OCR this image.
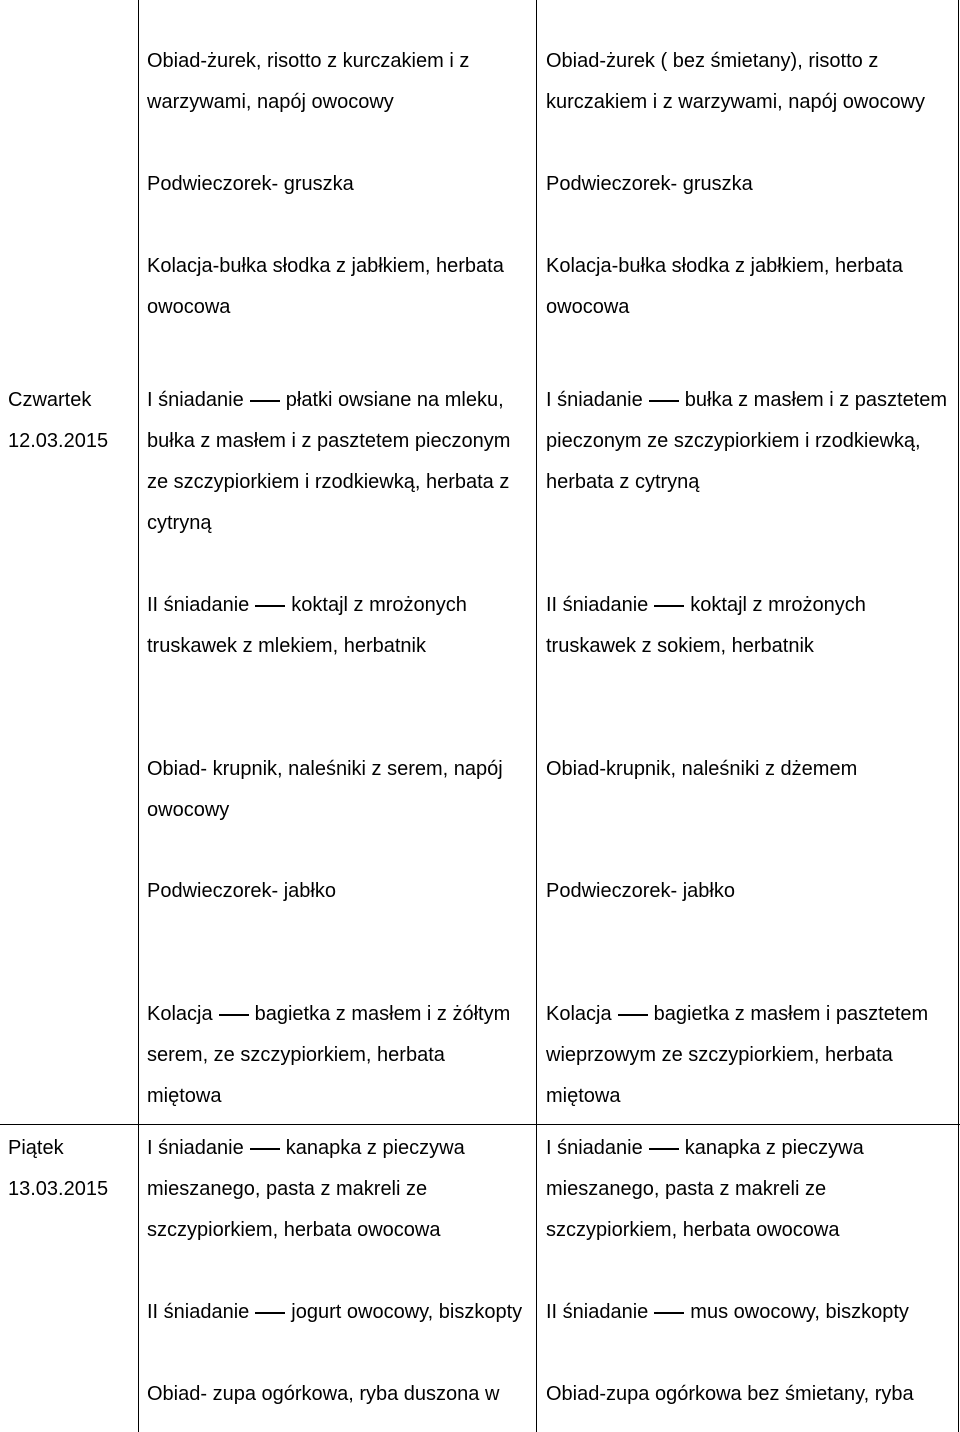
Obiad-żurek, risotto z kurczakiem i z
warzywami, napój owocowy
Obiad-żurek ( bez śmietany), risotto z
kurczakiem i z warzywami, napój owocowy
Podwieczorek- gruszka	Podwieczorek- gruszka
Kolacja-bułka słodka z jabłkiem, herbata
owocowa
Kolacja-bułka słodka z jabłkiem, herbata
owocowa
I śniadanie płatki owsiane na mleku,
bułka z masłem i z pasztetem pieczonym
ze szczypiorkiem i rzodkiewką, herbata z
cytryną
I śniadanie bułka z masłem i z pasztetem
pieczonym ze szczypiorkiem i rzodkiewką,
herbata z cytryną
II śniadanie koktajl z mrożonych
truskawek z mlekiem, herbatnik
II śniadanie koktajl z mrożonych
truskawek z sokiem, herbatnik
Obiad- krupnik, naleśniki z serem, napój
owocowy
Obiad-krupnik, naleśniki z dżemem
Podwieczorek- jabłko	Podwieczorek- jabłko
Kolacja bagietka z masłem i z żółtym
serem, ze szczypiorkiem, herbata
miętowa
Kolacja bagietka z masłem i pasztetem
wieprzowym ze szczypiorkiem, herbata
miętowa
I śniadanie kanapka z pieczywa
mieszanego, pasta z makreli ze
szczypiorkiem, herbata owocowa
I śniadanie kanapka z pieczywa
mieszanego, pasta z makreli ze
szczypiorkiem, herbata owocowa
II śniadanie jogurt owocowy, biszkopty II śniadanie mus owocowy, biszkopty
Obiad- zupa ogórkowa, ryba duszona w Obiad-zupa ogórkowa bez śmietany, ryba
Czwartek
12.03.2015
Piątek
13.03.2015
